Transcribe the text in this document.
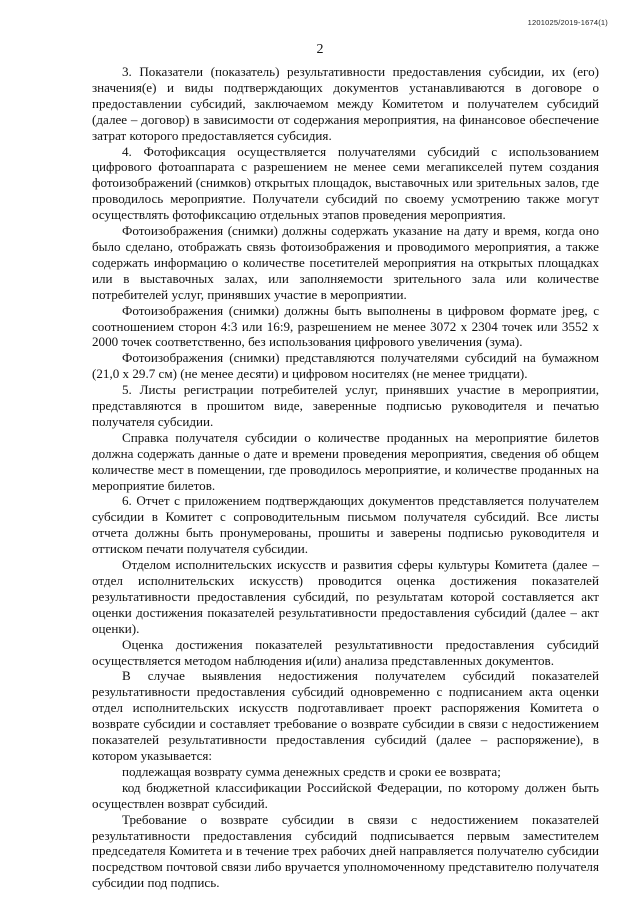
1201025/2019-1674(1)
2

3. Показатели (показатель) результативности предоставления субсидии, их (его) значения(е) и виды подтверждающих документов устанавливаются в договоре о предоставлении субсидий, заключаемом между Комитетом и получателем субсидий (далее – договор) в зависимости от содержания мероприятия, на финансовое обеспечение затрат которого предоставляется субсидия.

4. Фотофиксация осуществляется получателями субсидий с использованием цифрового фотоаппарата с разрешением не менее семи мегапикселей путем создания фотоизображений (снимков) открытых площадок, выставочных или зрительных залов, где проводилось мероприятие. Получатели субсидий по своему усмотрению также могут осуществлять фотофиксацию отдельных этапов проведения мероприятия.

Фотоизображения (снимки) должны содержать указание на дату и время, когда оно было сделано, отображать связь фотоизображения и проводимого мероприятия, а также содержать информацию о количестве посетителей мероприятия на открытых площадках или в выставочных залах, или заполняемости зрительного зала или количестве потребителей услуг, принявших участие в мероприятии.

Фотоизображения (снимки) должны быть выполнены в цифровом формате jpeg, с соотношением сторон 4:3 или 16:9, разрешением не менее 3072 x 2304 точек или 3552 x 2000 точек соответственно, без использования цифрового увеличения (зума).

Фотоизображения (снимки) представляются получателями субсидий на бумажном (21,0 x 29.7 см) (не менее десяти) и цифровом носителях (не менее тридцати).

5. Листы регистрации потребителей услуг, принявших участие в мероприятии, представляются в прошитом виде, заверенные подписью руководителя и печатью получателя субсидии.

Справка получателя субсидии о количестве проданных на мероприятие билетов должна содержать данные о дате и времени проведения мероприятия, сведения об общем количестве мест в помещении, где проводилось мероприятие, и количестве проданных на мероприятие билетов.

6. Отчет с приложением подтверждающих документов представляется получателем субсидии в Комитет с сопроводительным письмом получателя субсидий. Все листы отчета должны быть пронумерованы, прошиты и заверены подписью руководителя и оттиском печати получателя субсидии.

Отделом исполнительских искусств и развития сферы культуры Комитета (далее – отдел исполнительских искусств) проводится оценка достижения показателей результативности предоставления субсидий, по результатам которой составляется акт оценки достижения показателей результативности предоставления субсидий (далее – акт оценки).

Оценка достижения показателей результативности предоставления субсидий осуществляется методом наблюдения и(или) анализа представленных документов.

В случае выявления недостижения получателем субсидий показателей результативности предоставления субсидий одновременно с подписанием акта оценки отдел исполнительских искусств подготавливает проект распоряжения Комитета о возврате субсидии и составляет требование о возврате субсидии в связи с недостижением показателей результативности предоставления субсидий (далее – распоряжение), в котором указывается:

подлежащая возврату сумма денежных средств и сроки ее возврата;

код бюджетной классификации Российской Федерации, по которому должен быть осуществлен возврат субсидий.

Требование о возврате субсидии в связи с недостижением показателей результативности предоставления субсидий подписывается первым заместителем председателя Комитета и в течение трех рабочих дней направляется получателю субсидии посредством почтовой связи либо вручается уполномоченному представителю получателя субсидии под подпись.
